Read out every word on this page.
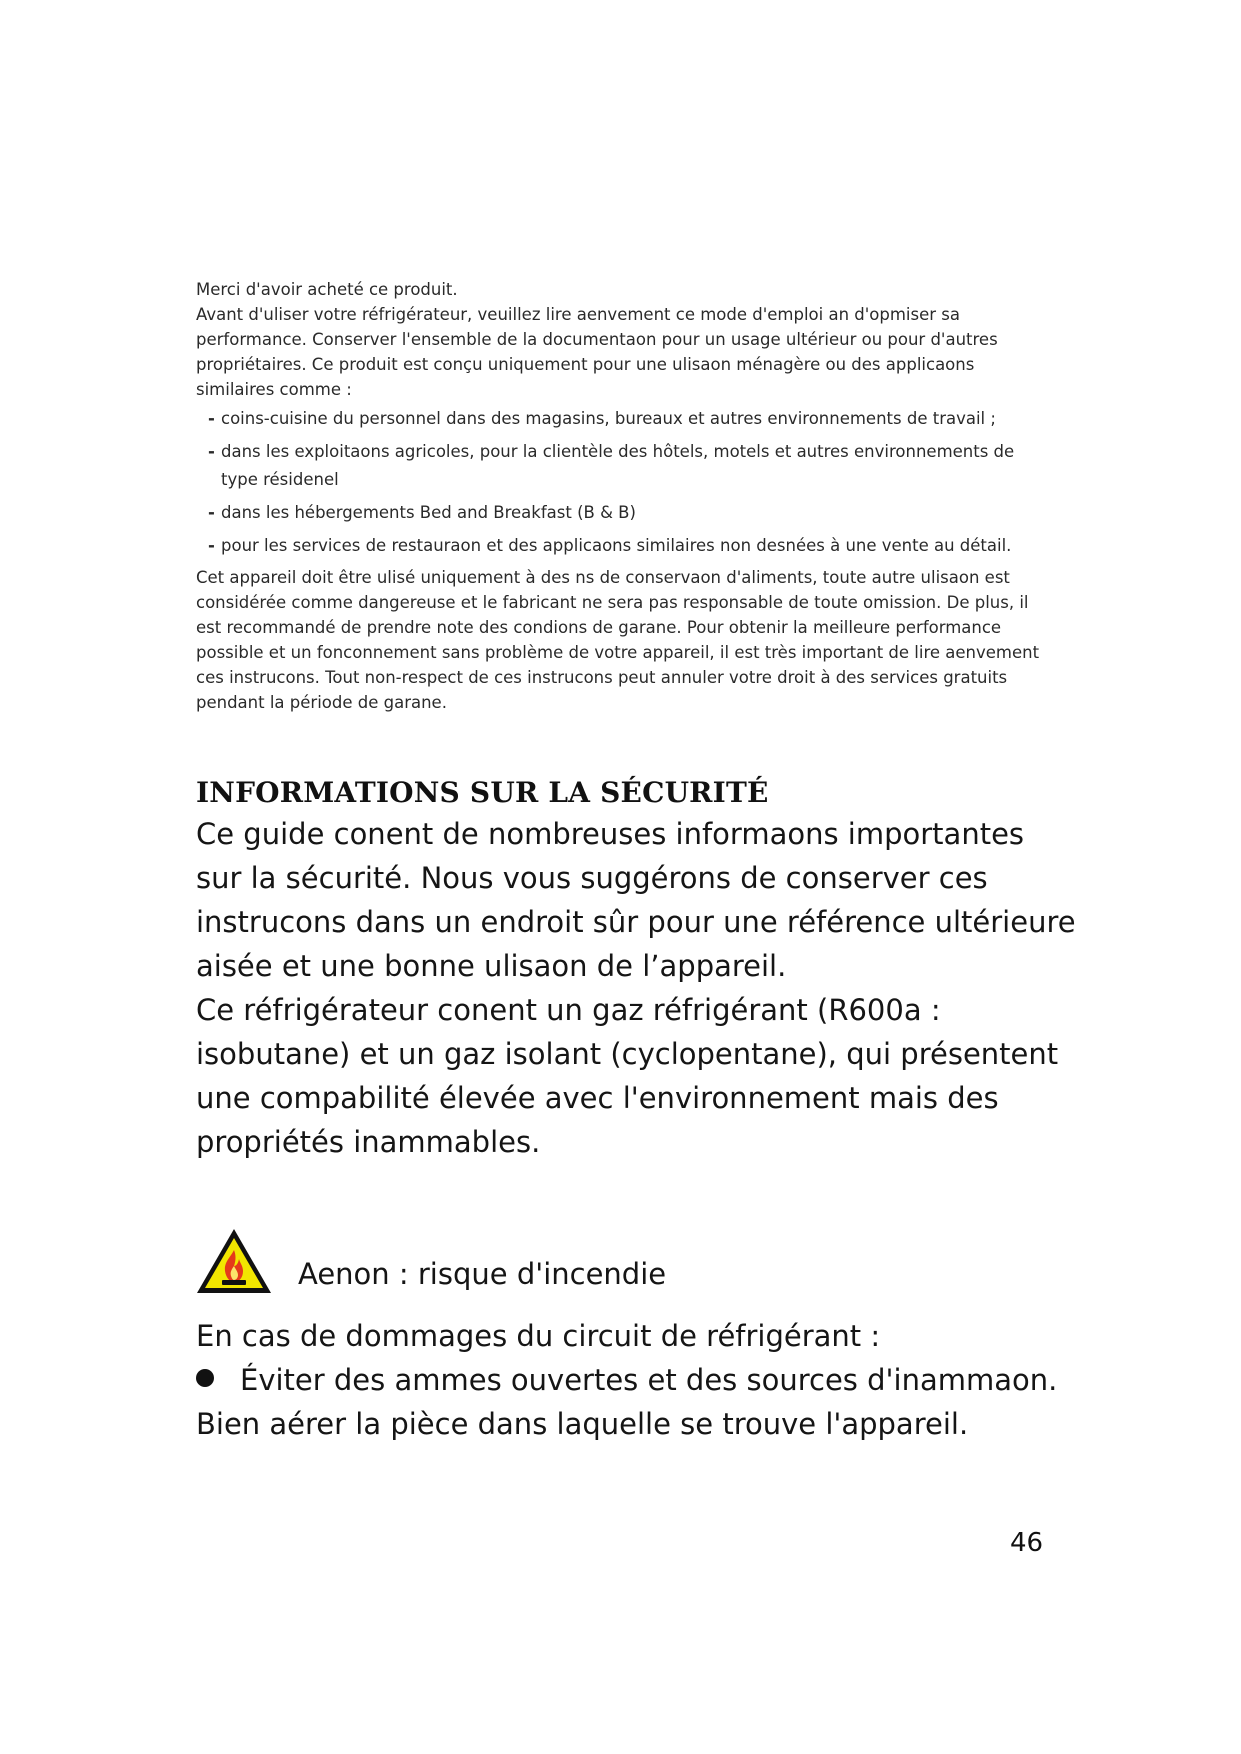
Merci d'avoir acheté ce produit.

Avant d'uliser votre réfrigérateur, veuillez lire aenvement ce mode d'emploi an d'opmiser sa performance. Conserver l'ensemble de la documentaon pour un usage ultérieur ou pour d'autres propriétaires. Ce produit est conçu uniquement pour une ulisaon ménagère ou des applicaons similaires comme :

- coins-cuisine du personnel dans des magasins, bureaux et autres environnements de travail ;
- dans les exploitaons agricoles, pour la clientèle des hôtels, motels et autres environnements de type résidenel
- dans les hébergements Bed and Breakfast (B & B)
- pour les services de restauraon et des applicaons similaires non desnées à une vente au détail.

Cet appareil doit être ulisé uniquement à des ns de conservaon d'aliments, toute autre ulisaon est considérée comme dangereuse et le fabricant ne sera pas responsable de toute omission. De plus, il est recommandé de prendre note des condions de garane. Pour obtenir la meilleure performance possible et un fonconnement sans problème de votre appareil, il est très important de lire aenvement ces instrucons. Tout non-respect de ces instrucons peut annuler votre droit à des services gratuits pendant la période de garane.

INFORMATIONS SUR LA SÉCURITÉ

Ce guide conent de nombreuses informaons importantes sur la sécurité. Nous vous suggérons de conserver ces instrucons dans un endroit sûr pour une référence ultérieure aisée et une bonne ulisaon de l’appareil.

Ce réfrigérateur conent un gaz réfrigérant (R600a : isobutane) et un gaz isolant (cyclopentane), qui présentent une compabilité élevée avec l'environnement mais des propriétés inammables.

Aenon : risque d'incendie

En cas de dommages du circuit de réfrigérant :

Éviter des ammes ouvertes et des sources d'inammaon.

Bien aérer la pièce dans laquelle se trouve l'appareil.

46
